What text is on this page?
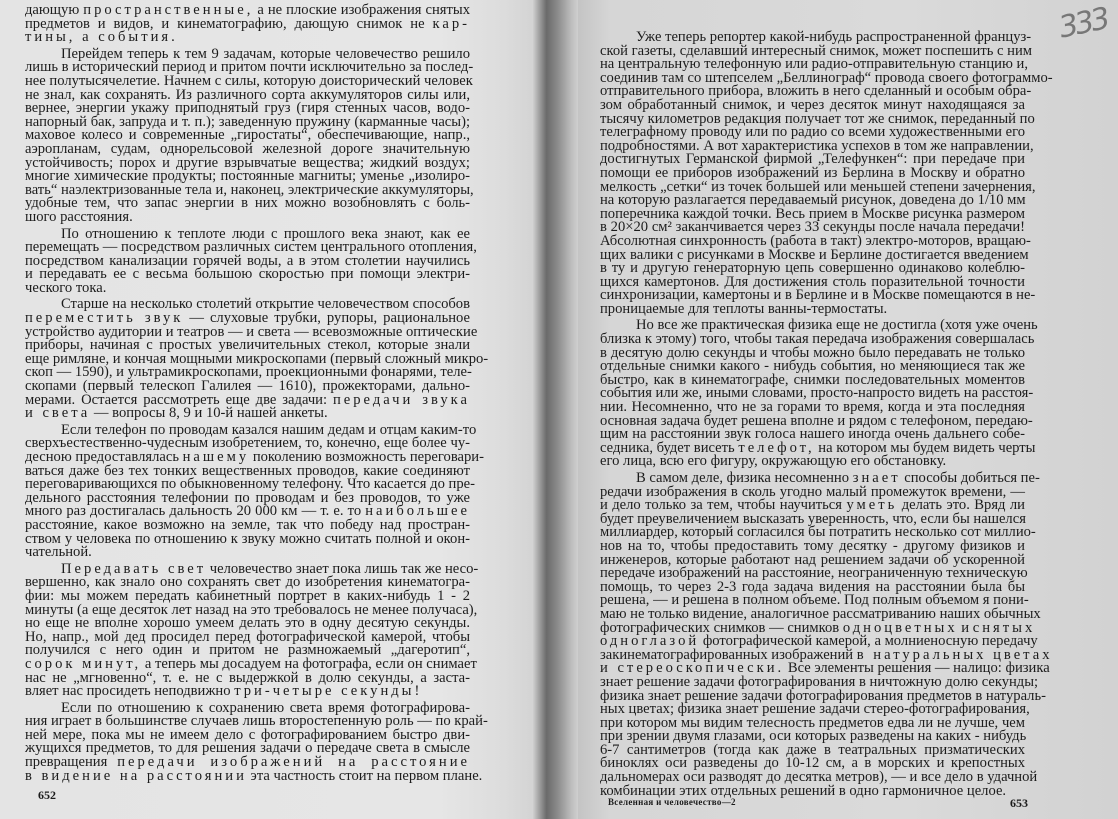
дающую пространственные, а не плоские изображения снятых
предметов и видов, и кинематографию, дающую снимок не кар-
тины, а события.
Перейдем теперь к тем 9 задачам, которые человечество решило
лишь в исторический период и притом почти исключительно за послед-
нее полутысячелетие. Начнем с силы, которую доисторический человек
не знал, как сохранять. Из различного сорта аккумуляторов силы или,
вернее, энергии укажу приподнятый груз (гиря стенных часов, водо-
напорный бак, запруда и т. п.); заведенную пружину (карманные часы);
маховое колесо и современные „гиростаты“, обеспечивающие, напр.,
аэропланам, судам, однорельсовой железной дороге значительную
устойчивость; порох и другие взрывчатые вещества; жидкий воздух;
многие химические продукты; постоянные магниты; уменье „изолиро-
вать“ наэлектризованные тела и, наконец, электрические аккумуляторы,
удобные тем, что запас энергии в них можно возобновлять с боль-
шого расстояния.
По отношению к теплоте люди с прошлого века знают, как ее
перемещать — посредством различных систем центрального отопления,
посредством канализации горячей воды, а в этом столетии научились
и передавать ее с весьма большою скоростью при помощи электри-
ческого тока.
Старше на несколько столетий открытие человечеством способов
переместить звук — слуховые трубки, рупоры, рациональное
устройство аудитории и театров — и света — всевозможные оптические
приборы, начиная с простых увеличительных стекол, которые знали
еще римляне, и кончая мощными микроскопами (первый сложный микро-
скоп — 1590), и ультрамикроскопами, проекционными фонарями, теле-
скопами (первый телескоп Галилея — 1610), прожекторами, дально-
мерами. Остается рассмотреть еще две задачи: передачи звука
и света — вопросы 8, 9 и 10-й нашей анкеты.
Если телефон по проводам казался нашим дедам и отцам каким-то
сверхъестественно-чудесным изобретением, то, конечно, еще более чу-
десною предоставлялась нашему поколению возможность переговари-
ваться даже без тех тонких вещественных проводов, какие соединяют
переговаривающихся по обыкновенному телефону. Что касается до пре-
дельного расстояния телефонии по проводам и без проводов, то уже
много раз достигалась дальность 20 000 км — т. е. то наибольшее
расстояние, какое возможно на земле, так что победу над простран-
ством у человека по отношению к звуку можно считать полной и окон-
чательной.
Передавать свет человечество знает пока лишь так же несо-
вершенно, как знало оно сохранять свет до изобретения кинематогра-
фии: мы можем передать кабинетный портрет в каких-нибудь 1 - 2
минуты (а еще десяток лет назад на это требовалось не менее получаса),
но еще не вполне хорошо умеем делать это в одну десятую секунды.
Но, напр., мой дед просидел перед фотографической камерой, чтобы
получился с него один и притом не размножаемый „дагеротип“,
сорок минут, а теперь мы досадуем на фотографа, если он снимает
нас не „мгновенно“, т. е. не с выдержкой в долю секунды, а заста-
вляет нас просидеть неподвижно три-четыре секунды!
Если по отношению к сохранению света время фотографирова-
ния играет в большинстве случаев лишь второстепенную роль — по край-
ней мере, пока мы не имеем дело с фотографированием быстро дви-
жущихся предметов, то для решения задачи о передаче света в смысле
превращения передачи изображений на расстояние
в видение на расстоянии эта частность стоит на первом плане.
652
Уже теперь репортер какой-нибудь распространенной француз-
ской газеты, сделавший интересный снимок, может поспешить с ним
на центральную телефонную или радио-отправительную станцию и,
соединив там со штепселем „Беллинограф“ провода своего фотограммо-
отправительного прибора, вложить в него сделанный и особым обра-
зом обработанный снимок, и через десяток минут находящаяся за
тысячу километров редакция получает тот же снимок, переданный по
телеграфному проводу или по радио со всеми художественными его
подробностями. А вот характеристика успехов в том же направлении,
достигнутых Германской фирмой „Телефункен“: при передаче при
помощи ее приборов изображений из Берлина в Москву и обратно
мелкость „сетки“ из точек большей или меньшей степени зачернения,
на которую разлагается передаваемый рисунок, доведена до 1/10 мм
поперечника каждой точки. Весь прием в Москве рисунка размером
в 20×20 см² заканчивается через 33 секунды после начала передачи!
Абсолютная синхронность (работа в такт) электро-моторов, вращаю-
щих валики с рисунками в Москве и Берлине достигается введением
в ту и другую генераторную цепь совершенно одинаково колеблю-
щихся камертонов. Для достижения столь поразительной точности
синхронизации, камертоны и в Берлине и в Москве помещаются в не-
проницаемые для теплоты ванны-термостаты.
Но все же практическая физика еще не достигла (хотя уже очень
близка к этому) того, чтобы такая передача изображения совершалась
в десятую долю секунды и чтобы можно было передавать не только
отдельные снимки какого - нибудь события, но меняющиеся так же
быстро, как в кинематографе, снимки последовательных моментов
события или же, иными словами, просто-напросто видеть на расстоя-
нии. Несомненно, что не за горами то время, когда и эта последняя
основная задача будет решена вполне и рядом с телефоном, передаю-
щим на расстоянии звук голоса нашего иногда очень дальнего собе-
седника, будет висеть телефот, на котором мы будем видеть черты
его лица, всю его фигуру, окружающую его обстановку.
В самом деле, физика несомненно знает способы добиться пе-
редачи изображения в сколь угодно малый промежуток времени, —
и дело только за тем, чтобы научиться уметь делать это. Вряд ли
будет преувеличением высказать уверенность, что, если бы нашелся
миллиардер, который согласился бы потратить несколько сот миллио-
нов на то, чтобы предоставить тому десятку - другому физиков и
инженеров, которые работают над решением задачи об ускоренной
передаче изображений на расстояние, неограниченную техническую
помощь, то через 2-3 года задача видения на расстоянии была бы
решена, — и решена в полном объеме. Под полным объемом я пони-
маю не только видение, аналогичное рассматриванию наших обычных
фотографических снимков — снимков одноцветных и снятых
одноглазой фотографической камерой, а молниеносную передачу
закинематографированных изображений в натуральных цветах
и стереоскопически. Все элементы решения — налицо: физика
знает решение задачи фотографирования в ничтожную долю секунды;
физика знает решение задачи фотографирования предметов в натураль-
ных цветах; физика знает решение задачи стерео-фотографирования,
при котором мы видим телесность предметов едва ли не лучше, чем
при зрении двумя глазами, оси которых разведены на каких - нибудь
6-7 сантиметров (тогда как даже в театральных призматических
биноклях оси разведены до 10-12 см, а в морских и крепостных
дальномерах оси разводят до десятка метров), — и все дело в удачной
комбинации этих отдельных решений в одно гармоничное целое.
Вселенная и человечество—2	653
333
